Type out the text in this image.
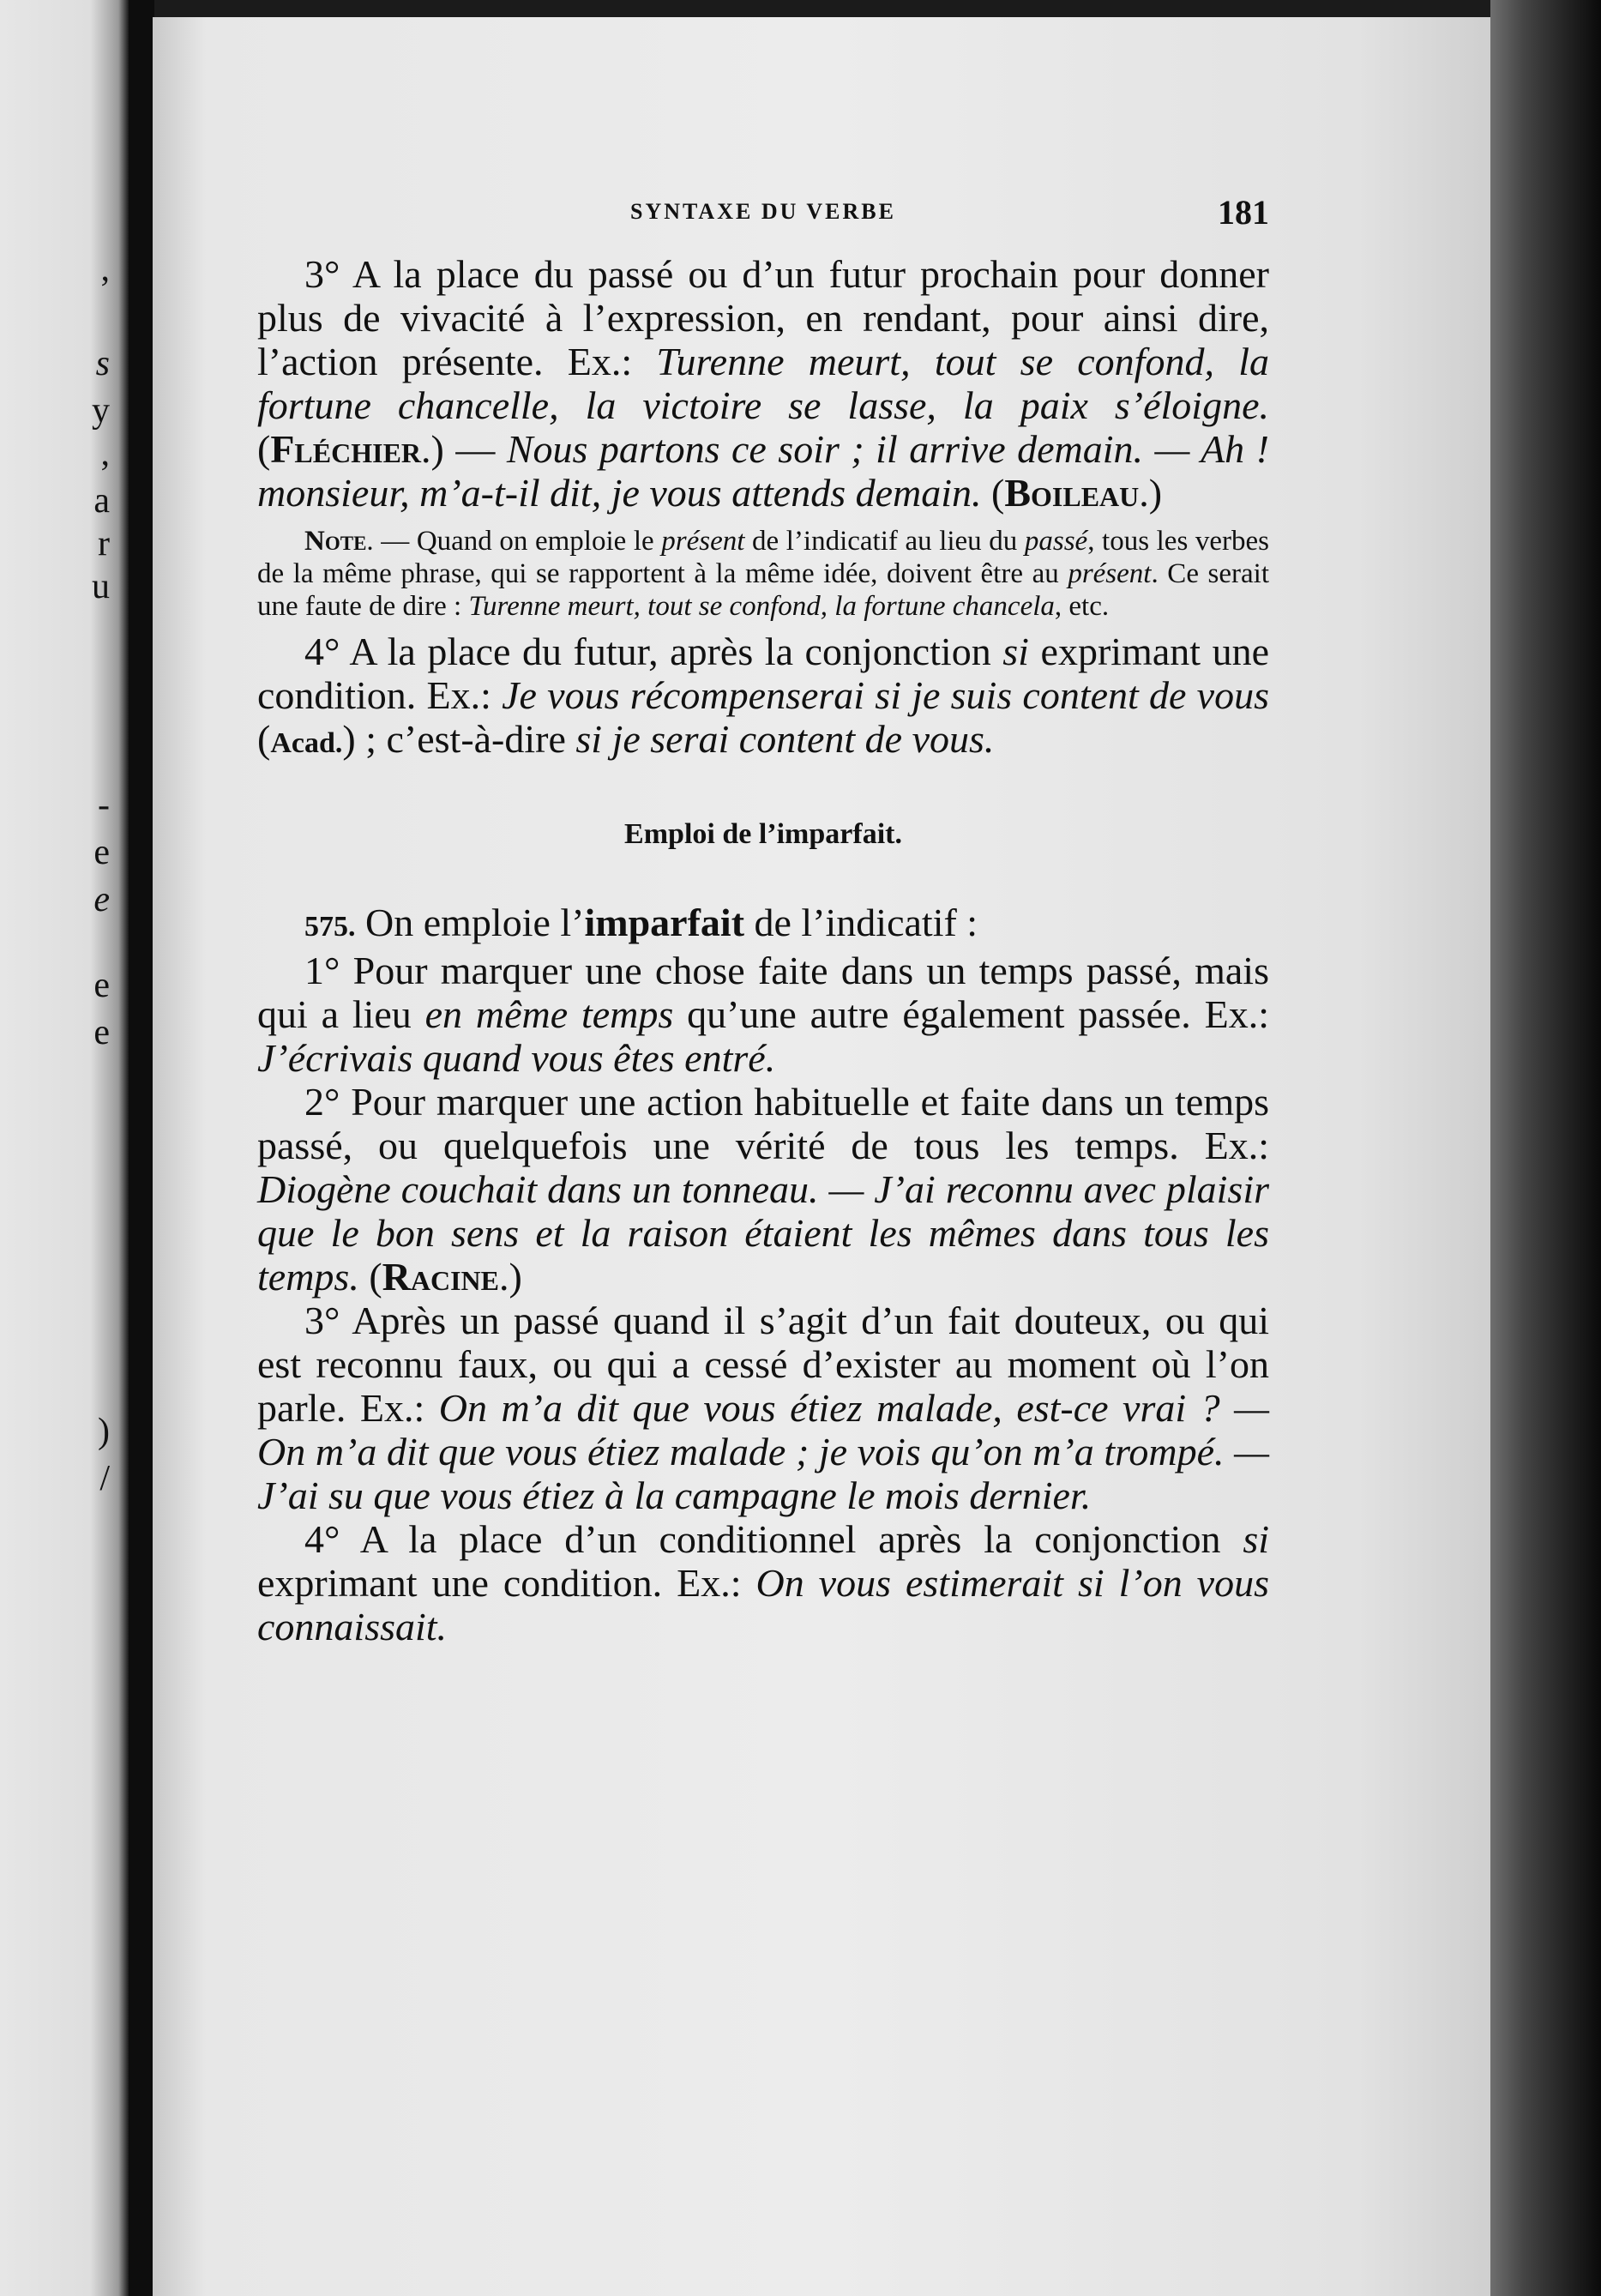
,
s
y
,
a
r
u
-
e
e
e
e
)
/
SYNTAXE DU VERBE	181

3° A la place du passé ou d’un futur prochain pour donner plus de vivacité à l’expression, en rendant, pour ainsi dire, l’action présente. Ex.: Turenne meurt, tout se confond, la fortune chancelle, la victoire se lasse, la paix s’éloigne. (Fléchier.) — Nous partons ce soir ; il arrive demain. — Ah ! monsieur, m’a-t-il dit, je vous attends demain. (Boileau.)

Note. — Quand on emploie le présent de l’indicatif au lieu du passé, tous les verbes de la même phrase, qui se rapportent à la même idée, doivent être au présent. Ce serait une faute de dire : Turenne meurt, tout se confond, la fortune chancela, etc.

4° A la place du futur, après la conjonction si exprimant une condition. Ex.: Je vous récompenserai si je suis content de vous (Acad.) ; c’est-à-dire si je serai content de vous.

Emploi de l’imparfait.

575. On emploie l’imparfait de l’indicatif :

1° Pour marquer une chose faite dans un temps passé, mais qui a lieu en même temps qu’une autre également passée. Ex.: J’écrivais quand vous êtes entré.

2° Pour marquer une action habituelle et faite dans un temps passé, ou quelquefois une vérité de tous les temps. Ex.: Diogène couchait dans un tonneau. — J’ai reconnu avec plaisir que le bon sens et la raison étaient les mêmes dans tous les temps. (Racine.)

3° Après un passé quand il s’agit d’un fait douteux, ou qui est reconnu faux, ou qui a cessé d’exister au moment où l’on parle. Ex.: On m’a dit que vous étiez malade, est-ce vrai ? — On m’a dit que vous étiez malade ; je vois qu’on m’a trompé. — J’ai su que vous étiez à la campagne le mois dernier.

4° A la place d’un conditionnel après la conjonction si exprimant une condition. Ex.: On vous estimerait si l’on vous connaissait.
